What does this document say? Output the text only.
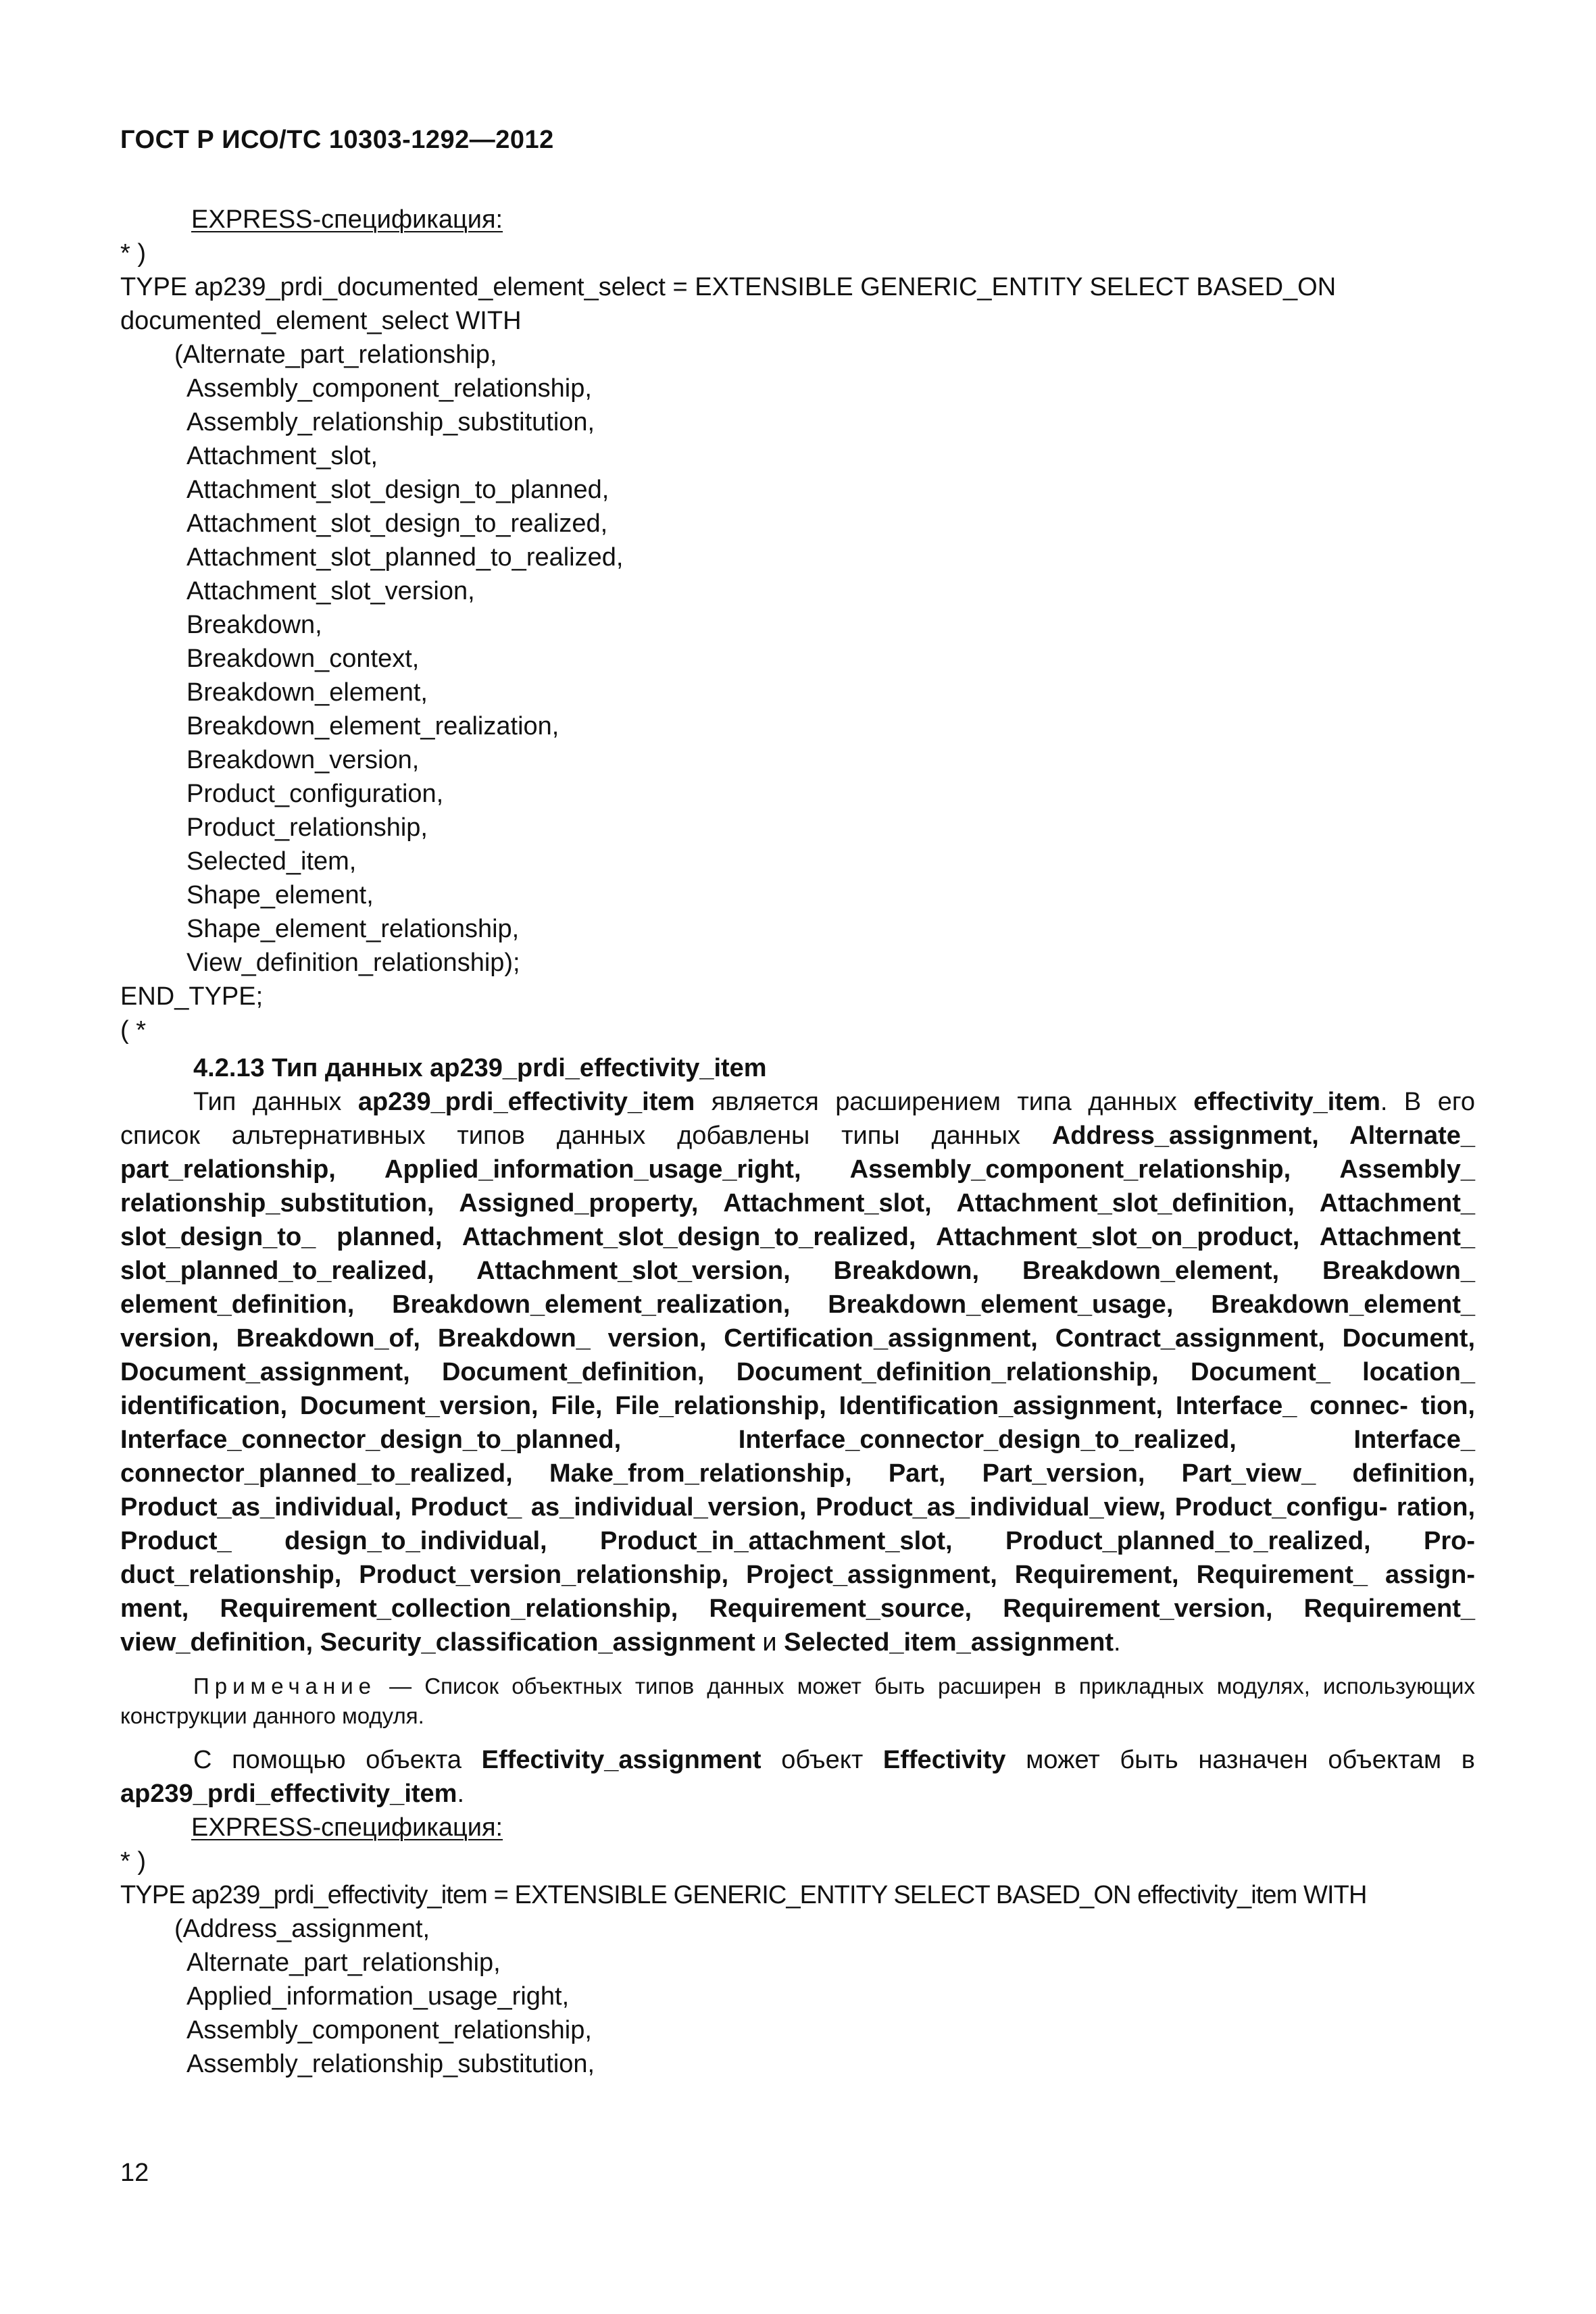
ГОСТ Р ИСО/ТС 10303-1292—2012
EXPRESS-спецификация:
* )
TYPE ap239_prdi_documented_element_select = EXTENSIBLE GENERIC_ENTITY SELECT BASED_ON
documented_element_select WITH
(Alternate_part_relationship,
Assembly_component_relationship,
Assembly_relationship_substitution,
Attachment_slot,
Attachment_slot_design_to_planned,
Attachment_slot_design_to_realized,
Attachment_slot_planned_to_realized,
Attachment_slot_version,
Breakdown,
Breakdown_context,
Breakdown_element,
Breakdown_element_realization,
Breakdown_version,
Product_configuration,
Product_relationship,
Selected_item,
Shape_element,
Shape_element_relationship,
View_definition_relationship);
END_TYPE;
( *
4.2.13 Тип данных ap239_prdi_effectivity_item

Тип данных ap239_prdi_effectivity_item является расширением типа данных effectivity_item. В его список альтернативных типов данных добавлены типы данных Address_assignment, Alternate_ part_relationship, Applied_information_usage_right, Assembly_component_relationship, Assembly_ relationship_substitution, Assigned_property, Attachment_slot, Attachment_slot_definition, Attachment_ slot_design_to_ planned, Attachment_slot_design_to_realized, Attachment_slot_on_product, Attachment_ slot_planned_to_realized, Attachment_slot_version, Breakdown, Breakdown_element, Breakdown_ element_definition, Breakdown_element_realization, Breakdown_element_usage, Breakdown_element_ version, Breakdown_of, Breakdown_ version, Certification_assignment, Contract_assignment, Document, Document_assignment, Document_definition, Document_definition_relationship, Document_ location_ identification, Document_version, File, File_relationship, Identification_assignment, Interface_ connec- tion, Interface_connector_design_to_planned, Interface_connector_design_to_realized, Interface_ connector_planned_to_realized, Make_from_relationship, Part, Part_version, Part_view_ definition, Product_as_individual, Product_ as_individual_version, Product_as_individual_view, Product_configu- ration, Product_ design_to_individual, Product_in_attachment_slot, Product_planned_to_realized, Pro- duct_relationship, Product_version_relationship, Project_assignment, Requirement, Requirement_ assign- ment, Requirement_collection_relationship, Requirement_source, Requirement_version, Requirement_ view_definition, Security_classification_assignment и Selected_item_assignment.

Примечание — Список объектных типов данных может быть расширен в прикладных модулях, использующих конструкции данного модуля.

С помощью объекта Effectivity_assignment объект Effectivity может быть назначен объектам в ap239_prdi_effectivity_item.

EXPRESS-спецификация:
* )
TYPE ap239_prdi_effectivity_item = EXTENSIBLE GENERIC_ENTITY SELECT BASED_ON effectivity_item WITH
(Address_assignment,
Alternate_part_relationship,
Applied_information_usage_right,
Assembly_component_relationship,
Assembly_relationship_substitution,
12
